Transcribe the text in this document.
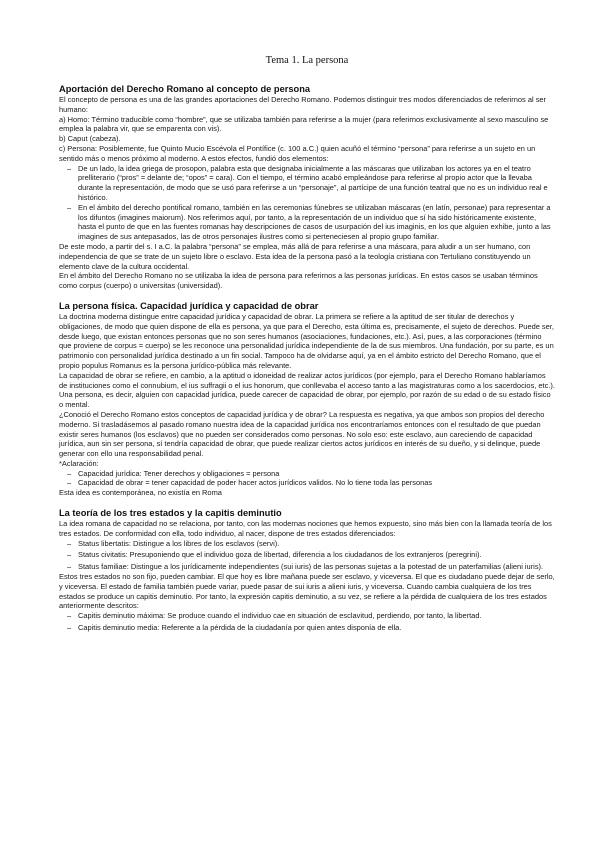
Tema 1. La persona
Aportación del Derecho Romano al concepto de persona

El concepto de persona es una de las grandes aportaciones del Derecho Romano. Podemos distinguir tres modos diferenciados de referirnos al ser humano:

a) Homo: Término traducible como “hombre”, que se utilizaba también para referirse a la mujer (para referirnos exclusivamente al sexo masculino se emplea la palabra vir, que se emparenta con vis).

b) Caput (cabeza).

c) Persona: Posiblemente, fue Quinto Mucio Escévola el Pontífice (c. 100 a.C.) quien acuñó el término “persona” para referirse a un sujeto en un sentido más o menos próximo al moderno. A estos efectos, fundió dos elementos:

– De un lado, la idea griega de prosopon, palabra esta que designaba inicialmente a las máscaras que utilizaban los actores ya en el teatro prelliterario (“pros” = delante de; “opos” = cara). Con el tiempo, el término acabó empleándose para referirse al propio actor que la llevaba durante la representación, de modo que se usó para referirse a un “personaje”, al partícipe de una función teatral que no es un individuo real e histórico.
– En el ámbito del derecho pontifical romano, también en las ceremonias fúnebres se utilizaban máscaras (en latín, personae) para representar a los difuntos (imagines maiorum). Nos referimos aquí, por tanto, a la representación de un individuo que sí ha sido históricamente existente, hasta el punto de que en las fuentes romanas hay descripciones de casos de usurpación del ius imaginis, en los que alguien exhibe, junto a las imagines de sus antepasados, las de otros personajes ilustres como si perteneciesen al propio grupo familiar.

De este modo, a partir del s. I a.C. la palabra “persona” se emplea, más allá de para referirse a una máscara, para aludir a un ser humano, con independencia de que se trate de un sujeto libre o esclavo. Esta idea de la persona pasó a la teología cristiana con Tertuliano constituyendo un elemento clave de la cultura occidental.

En el ámbito del Derecho Romano no se utilizaba la idea de persona para referirnos a las personas jurídicas. En estos casos se usaban términos como corpus (cuerpo) o universitas (universidad).

La persona física. Capacidad jurídica y capacidad de obrar

La doctrina moderna distingue entre capacidad jurídica y capacidad de obrar. La primera se refiere a la aptitud de ser titular de derechos y obligaciones, de modo que quien dispone de ella es persona, ya que para el Derecho, esta última es, precisamente, el sujeto de derechos. Puede ser, desde luego, que existan entonces personas que no son seres humanos (asociaciones, fundaciones, etc.). Así, pues, a las corporaciones (término que proviene de corpus = cuerpo) se les reconoce una personalidad jurídica independiente de la de sus miembros. Una fundación, por su parte, es un patrimonio con personalidad jurídica destinado a un fin social. Tampoco ha de olvidarse aquí, ya en el ámbito estricto del Derecho Romano, que el propio populus Romanus es la persona jurídico-pública más relevante.

La capacidad de obrar se refiere, en cambio, a la aptitud o idoneidad de realizar actos jurídicos (por ejemplo, para el Derecho Romano hablaríamos de instituciones como el connubium, el ius suffragii o el ius honorum, que conllevaba el acceso tanto a las magistraturas como a los sacerdocios, etc.). Una persona, es decir, alguien con capacidad jurídica, puede carecer de capacidad de obrar, por ejemplo, por razón de su edad o de su estado físico o mental.

¿Conoció el Derecho Romano estos conceptos de capacidad jurídica y de obrar? La respuesta es negativa, ya que ambos son propios del derecho moderno. Si trasladásemos al pasado romano nuestra idea de la capacidad jurídica nos encontraríamos entonces con el resultado de que puedan existir seres humanos (los esclavos) que no pueden ser considerados como personas. No solo eso: este esclavo, aun careciendo de capacidad jurídica, aun sin ser persona, sí tendría capacidad de obrar, que puede realizar ciertos actos jurídicos en interés de su dueño, y si delinque, puede generar con ello una responsabilidad penal.

*Aclaración:

– Capacidad jurídica: Tener derechos y obligaciones = persona
– Capacidad de obrar = tener capacidad de poder hacer actos jurídicos validos. No lo tiene toda las personas

Esta idea es contemporánea, no existía en Roma

La teoría de los tres estados y la capitis deminutio

La idea romana de capacidad no se relaciona, por tanto, con las modernas nociones que hemos expuesto, sino más bien con la llamada teoría de los tres estados. De conformidad con ella, todo individuo, al nacer, dispone de tres estados diferenciados:

– Status libertatis: Distingue a los libres de los esclavos (servi).
– Status civitatis: Presuponiendo que el individuo goza de libertad, diferencia a los ciudadanos de los extranjeros (peregrini).
– Status familiae: Distingue a los jurídicamente independientes (sui iuris) de las personas sujetas a la potestad de un paterfamilias (alieni iuris).

Estos tres estados no son fijo, pueden cambiar. El que hoy es libre mañana puede ser esclavo, y viceversa. El que es ciudadano puede dejar de serlo, y viceversa. El estado de familia también puede variar, puede pasar de sui iuris a alieni iuris, y viceversa. Cuando cambia cualquiera de los tres estados se produce un capitis deminutio. Por tanto, la expresión capitis deminutio, a su vez, se refiere a la pérdida de cualquiera de los tres estados anteriormente descritos:

– Capitis deminutio máxima: Se produce cuando el individuo cae en situación de esclavitud, perdiendo, por tanto, la libertad.
– Capitis deminutio media: Referente a la pérdida de la ciudadanía por quien antes disponía de ella.
